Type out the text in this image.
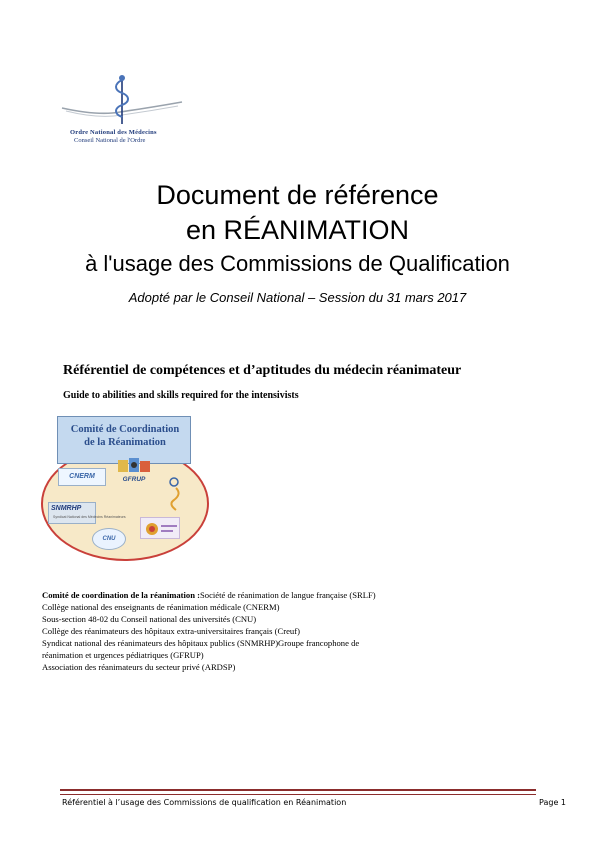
Ordre National des Médecins
Conseil National de l'Ordre
Document de référence
en RÉANIMATION
à l'usage des Commissions de Qualification
Adopté par le Conseil National – Session du 31 mars 2017
Référentiel de compétences et d’aptitudes du médecin réanimateur
Guide to abilities and skills required for the intensivists
Comité de Coordination
de la Réanimation
CNERM	GFRUP
SNMRHP
Syndicat National des Médecins Réanimateurs
CNU
Comité de coordination de la réanimation :Société de réanimation de langue française (SRLF)
Collège national des enseignants de réanimation médicale (CNERM)
Sous-section 48-02 du Conseil national des universités (CNU)
Collège des réanimateurs des hôpitaux extra-universitaires français (Creuf)
Syndicat national des réanimateurs des hôpitaux publics (SNMRHP)Groupe francophone de
réanimation et urgences pédiatriques (GFRUP)
Association des réanimateurs du secteur privé (ARDSP)
Référentiel à l’usage des Commissions de qualification en Réanimation	Page 1
